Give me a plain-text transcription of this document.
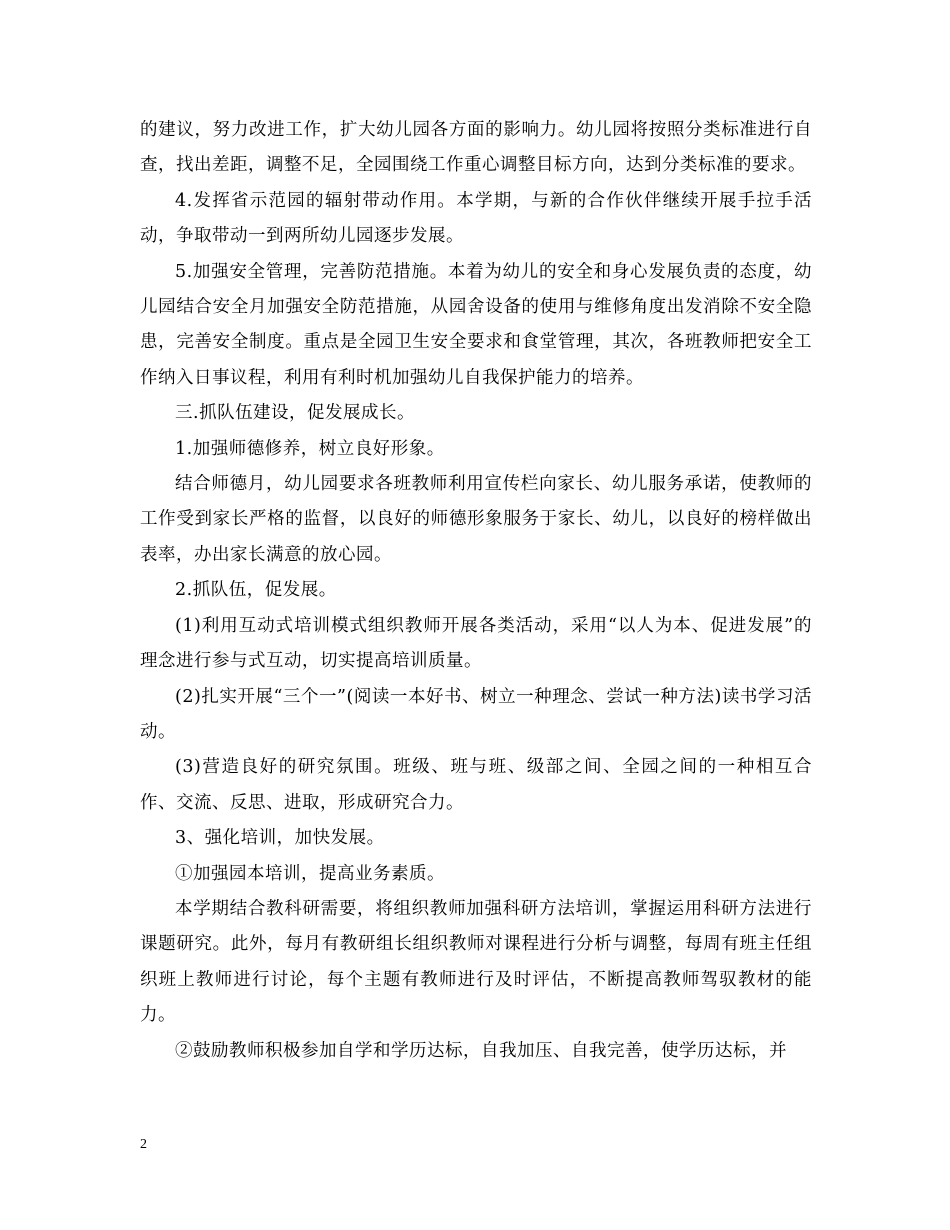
的建议，努力改进工作，扩大幼儿园各方面的影响力。幼儿园将按照分类标准进行自查，找出差距，调整不足，全园围绕工作重心调整目标方向，达到分类标准的要求。

4.发挥省示范园的辐射带动作用。本学期，与新的合作伙伴继续开展手拉手活动，争取带动一到两所幼儿园逐步发展。

5.加强安全管理，完善防范措施。本着为幼儿的安全和身心发展负责的态度，幼儿园结合安全月加强安全防范措施，从园舍设备的使用与维修角度出发消除不安全隐患，完善安全制度。重点是全园卫生安全要求和食堂管理，其次，各班教师把安全工作纳入日事议程，利用有利时机加强幼儿自我保护能力的培养。

三.抓队伍建设，促发展成长。

1.加强师德修养，树立良好形象。

结合师德月，幼儿园要求各班教师利用宣传栏向家长、幼儿服务承诺，使教师的工作受到家长严格的监督，以良好的师德形象服务于家长、幼儿，以良好的榜样做出表率，办出家长满意的放心园。

2.抓队伍，促发展。

(1)利用互动式培训模式组织教师开展各类活动，采用“以人为本、促进发展”的理念进行参与式互动，切实提高培训质量。

(2)扎实开展“三个一”(阅读一本好书、树立一种理念、尝试一种方法)读书学习活动。

(3)营造良好的研究氛围。班级、班与班、级部之间、全园之间的一种相互合作、交流、反思、进取，形成研究合力。

3、强化培训，加快发展。

①加强园本培训，提高业务素质。

本学期结合教科研需要，将组织教师加强科研方法培训，掌握运用科研方法进行课题研究。此外，每月有教研组长组织教师对课程进行分析与调整，每周有班主任组织班上教师进行讨论，每个主题有教师进行及时评估，不断提高教师驾驭教材的能力。

②鼓励教师积极参加自学和学历达标，自我加压、自我完善，使学历达标，并

2
